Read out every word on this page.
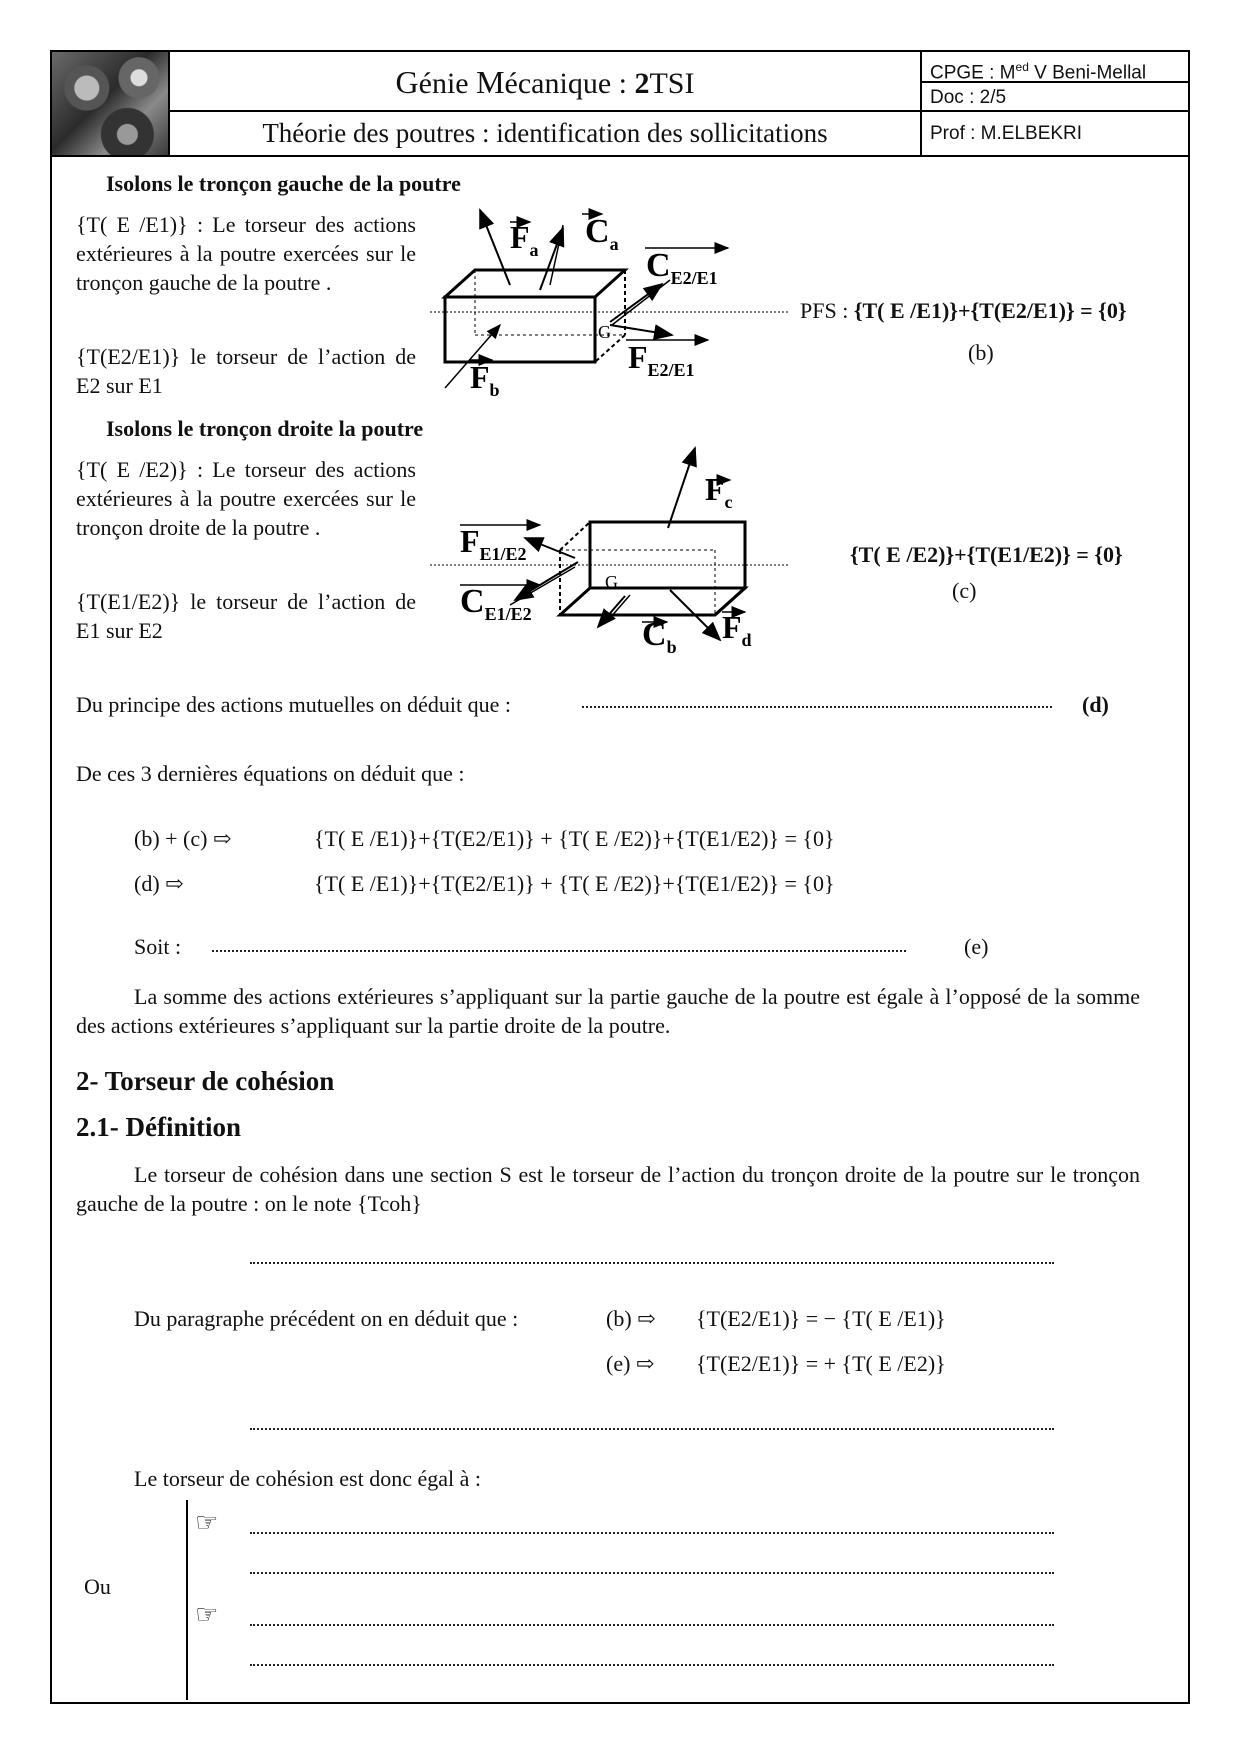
Génie Mécanique : 2TSI
Théorie des poutres : identification des sollicitations
CPGE : $M^{ed}$ V Beni-Mellal
Doc : 2/5
Prof : M.ELBEKRI
Isolons le tronçon gauche de la poutre
{T( E /E1)} : Le torseur des actions extérieures à la poutre exercées sur le tronçon gauche de la poutre .
{T(E2/E1)} le torseur de l’action de E2 sur E1
$F_a$ $C_a$
$C_{E2/E1}$
$F_{E2/E1}$
$F_b$
G
PFS : {T( E /E1)}+{T(E2/E1)} = {0}
(b)
Isolons le tronçon droite la poutre
{T( E /E2)} : Le torseur des actions extérieures à la poutre exercées sur le tronçon droite de la poutre .
{T(E1/E2)} le torseur de l’action de E1 sur E2
$F_c$
$F_{E1/E2}$
$C_{E1/E2}$
$C_b$
$F_d$
G
{T( E /E2)}+{T(E1/E2)} = {0}
(c)
Du principe des actions mutuelles on déduit que :	(d)
De ces 3 dernières équations on déduit que :
(b) + (c) ⇨	{T( E /E1)}+{T(E2/E1)} + {T( E /E2)}+{T(E1/E2)} = {0}
(d) ⇨	{T( E /E1)}+{T(E2/E1)} + {T( E /E2)}+{T(E1/E2)} = {0}
Soit :	(e)
La somme des actions extérieures s’appliquant sur la partie gauche de la poutre est égale à l’opposé de la somme des actions extérieures s’appliquant sur la partie droite de la poutre.
2- Torseur de cohésion
2.1- Définition
Le torseur de cohésion dans une section S est le torseur de l’action du tronçon droite de la poutre sur le tronçon gauche de la poutre : on le note {Tcoh}
Du paragraphe précédent on en déduit que :	(b) ⇨ {T(E2/E1)} = − {T( E /E1)}
(e) ⇨ {T(E2/E1)} = + {T( E /E2)}
Le torseur de cohésion est donc égal à :
Ou
☞
☞
